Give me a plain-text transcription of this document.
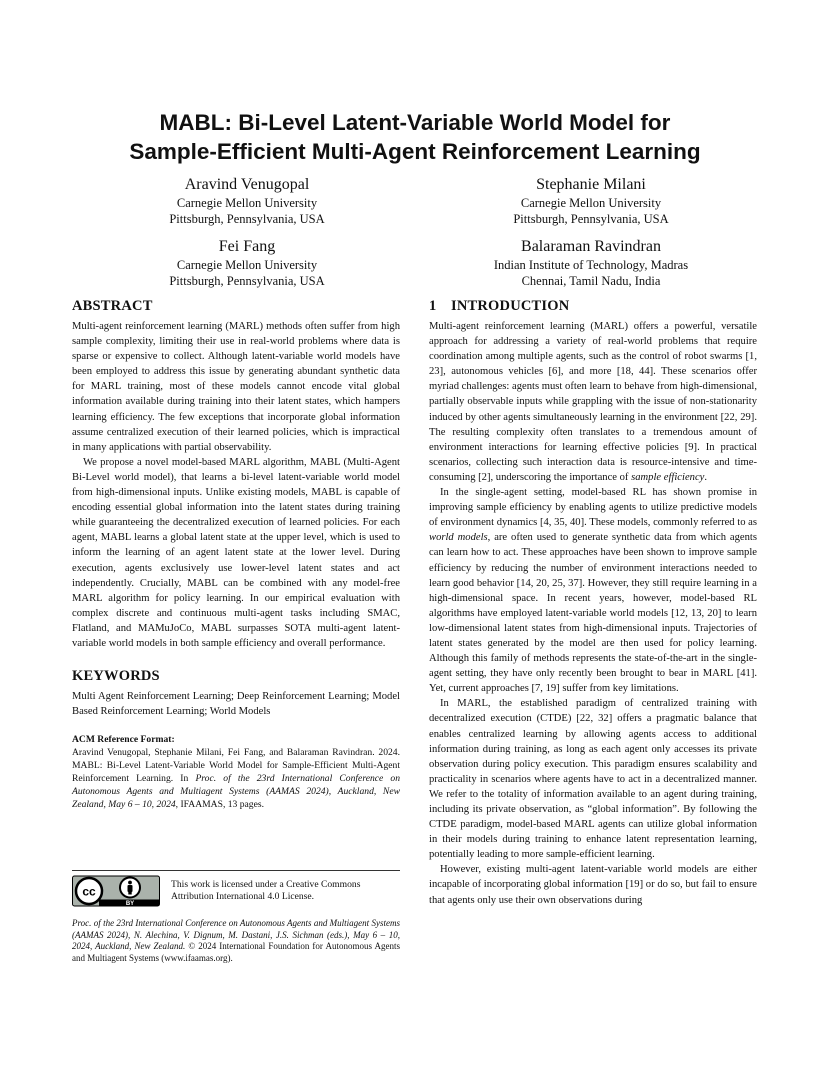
MABL: Bi-Level Latent-Variable World Model for
Sample-Efficient Multi-Agent Reinforcement Learning
Aravind Venugopal
Carnegie Mellon University
Pittsburgh, Pennsylvania, USA
Stephanie Milani
Carnegie Mellon University
Pittsburgh, Pennsylvania, USA
Fei Fang
Carnegie Mellon University
Pittsburgh, Pennsylvania, USA
Balaraman Ravindran
Indian Institute of Technology, Madras
Chennai, Tamil Nadu, India
ABSTRACT

Multi-agent reinforcement learning (MARL) methods often suffer from high sample complexity, limiting their use in real-world problems where data is sparse or expensive to collect. Although latent-variable world models have been employed to address this issue by generating abundant synthetic data for MARL training, most of these models cannot encode vital global information available during training into their latent states, which hampers learning efficiency. The few exceptions that incorporate global information assume centralized execution of their learned policies, which is impractical in many applications with partial observability.

We propose a novel model-based MARL algorithm, MABL (Multi-Agent Bi-Level world model), that learns a bi-level latent-variable world model from high-dimensional inputs. Unlike existing models, MABL is capable of encoding essential global information into the latent states during training while guaranteeing the decentralized execution of learned policies. For each agent, MABL learns a global latent state at the upper level, which is used to inform the learning of an agent latent state at the lower level. During execution, agents exclusively use lower-level latent states and act independently. Crucially, MABL can be combined with any model-free MARL algorithm for policy learning. In our empirical evaluation with complex discrete and continuous multi-agent tasks including SMAC, Flatland, and MAMuJoCo, MABL surpasses SOTA multi-agent latent-variable world models in both sample efficiency and overall performance.

KEYWORDS

Multi Agent Reinforcement Learning; Deep Reinforcement Learning; Model Based Reinforcement Learning; World Models

ACM Reference Format:
Aravind Venugopal, Stephanie Milani, Fei Fang, and Balaraman Ravindran. 2024. MABL: Bi-Level Latent-Variable World Model for Sample-Efficient Multi-Agent Reinforcement Learning. In Proc. of the 23rd International Conference on Autonomous Agents and Multiagent Systems (AAMAS 2024), Auckland, New Zealand, May 6 – 10, 2024, IFAAMAS, 13 pages.
cc
BY
This work is licensed under a Creative Commons Attribution International 4.0 License.
Proc. of the 23rd International Conference on Autonomous Agents and Multiagent Systems (AAMAS 2024), N. Alechina, V. Dignum, M. Dastani, J.S. Sichman (eds.), May 6 – 10, 2024, Auckland, New Zealand. © 2024 International Foundation for Autonomous Agents and Multiagent Systems (www.ifaamas.org).
1 INTRODUCTION

Multi-agent reinforcement learning (MARL) offers a powerful, versatile approach for addressing a variety of real-world problems that require coordination among multiple agents, such as the control of robot swarms [1, 23], autonomous vehicles [6], and more [18, 44]. These scenarios offer myriad challenges: agents must often learn to behave from high-dimensional, partially observable inputs while grappling with the issue of non-stationarity induced by other agents simultaneously learning in the environment [22, 29]. The resulting complexity often translates to a tremendous amount of environment interactions for learning effective policies [9]. In practical scenarios, collecting such interaction data is resource-intensive and time-consuming [2], underscoring the importance of sample efficiency.

In the single-agent setting, model-based RL has shown promise in improving sample efficiency by enabling agents to utilize predictive models of environment dynamics [4, 35, 40]. These models, commonly referred to as world models, are often used to generate synthetic data from which agents can learn how to act. These approaches have been shown to improve sample efficiency by reducing the number of environment interactions needed to learn good behavior [14, 20, 25, 37]. However, they still require learning in a high-dimensional space. In recent years, however, model-based RL algorithms have employed latent-variable world models [12, 13, 20] to learn low-dimensional latent states from high-dimensional inputs. Trajectories of latent states generated by the model are then used for policy learning. Although this family of methods represents the state-of-the-art in the single-agent setting, they have only recently been brought to bear in MARL [41]. Yet, current approaches [7, 19] suffer from key limitations.

In MARL, the established paradigm of centralized training with decentralized execution (CTDE) [22, 32] offers a pragmatic balance that enables centralized learning by allowing agents access to additional information during training, as long as each agent only accesses its private observation during policy execution. This paradigm ensures scalability and practicality in scenarios where agents have to act in a decentralized manner. We refer to the totality of information available to an agent during training, including its private observation, as “global information”. By following the CTDE paradigm, model-based MARL agents can utilize global information in their models during training to enhance latent representation learning, potentially leading to more sample-efficient learning.

However, existing multi-agent latent-variable world models are either incapable of incorporating global information [19] or do so, but fail to ensure that agents only use their own observations during
